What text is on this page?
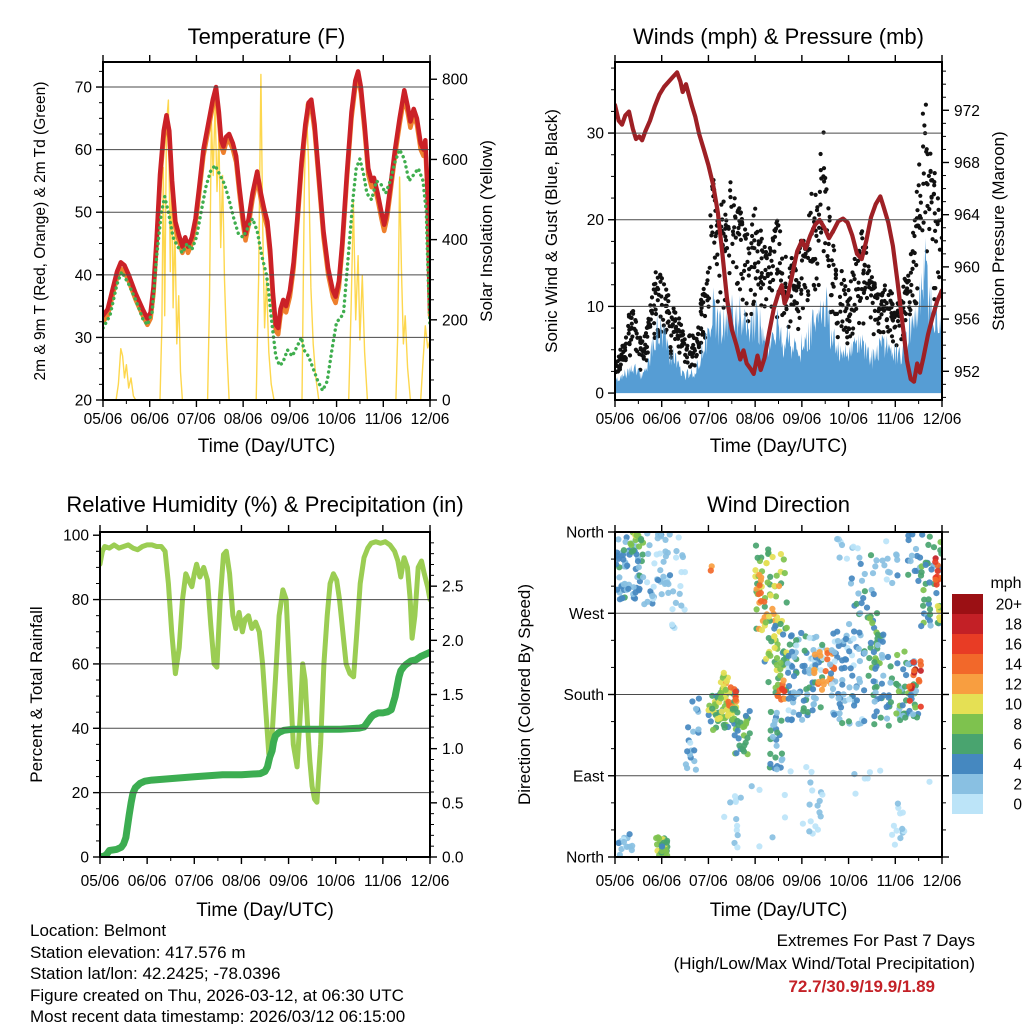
05/06 06/06 07/06 08/06 09/06 10/06 11/06 12/06
20
30
40
50
60
70
0
200
400
600
800
Temperature (F)
Time (Day/UTC)
2m & 9m T (Red, Orange) & 2m Td (Green)	Solar Insolation (Yellow)
05/06 06/06 07/06 08/06 09/06 10/06 11/06 12/06
0
10
20
30
952
956
960
964
968
972
Winds (mph) & Pressure (mb)
Time (Day/UTC)
Sonic Wind & Gust (Blue, Black)	Station Pressure (Maroon)
05/06 06/06 07/06 08/06 09/06 10/06 11/06 12/06
0
20
40
60
80
100
0.0
0.5
1.0
1.5
2.0
2.5
Relative Humidity (%) & Precipitation (in)
Time (Day/UTC)
Percent & Total Rainfall
05/06 06/06 07/06 08/06 09/06 10/06 11/06 12/06
North
West
South
East
North
Wind Direction
Time (Day/UTC)
Direction (Colored By Speed)
mph
20+
18
16
14
12
10
8
6
4
2
0
Location: Belmont
Station elevation: 417.576 m
Station lat/lon: 42.2425; -78.0396
Figure created on Thu, 2026-03-12, at 06:30 UTC
Most recent data timestamp: 2026/03/12 06:15:00
Extremes For Past 7 Days
(High/Low/Max Wind/Total Precipitation)
72.7/30.9/19.9/1.89
